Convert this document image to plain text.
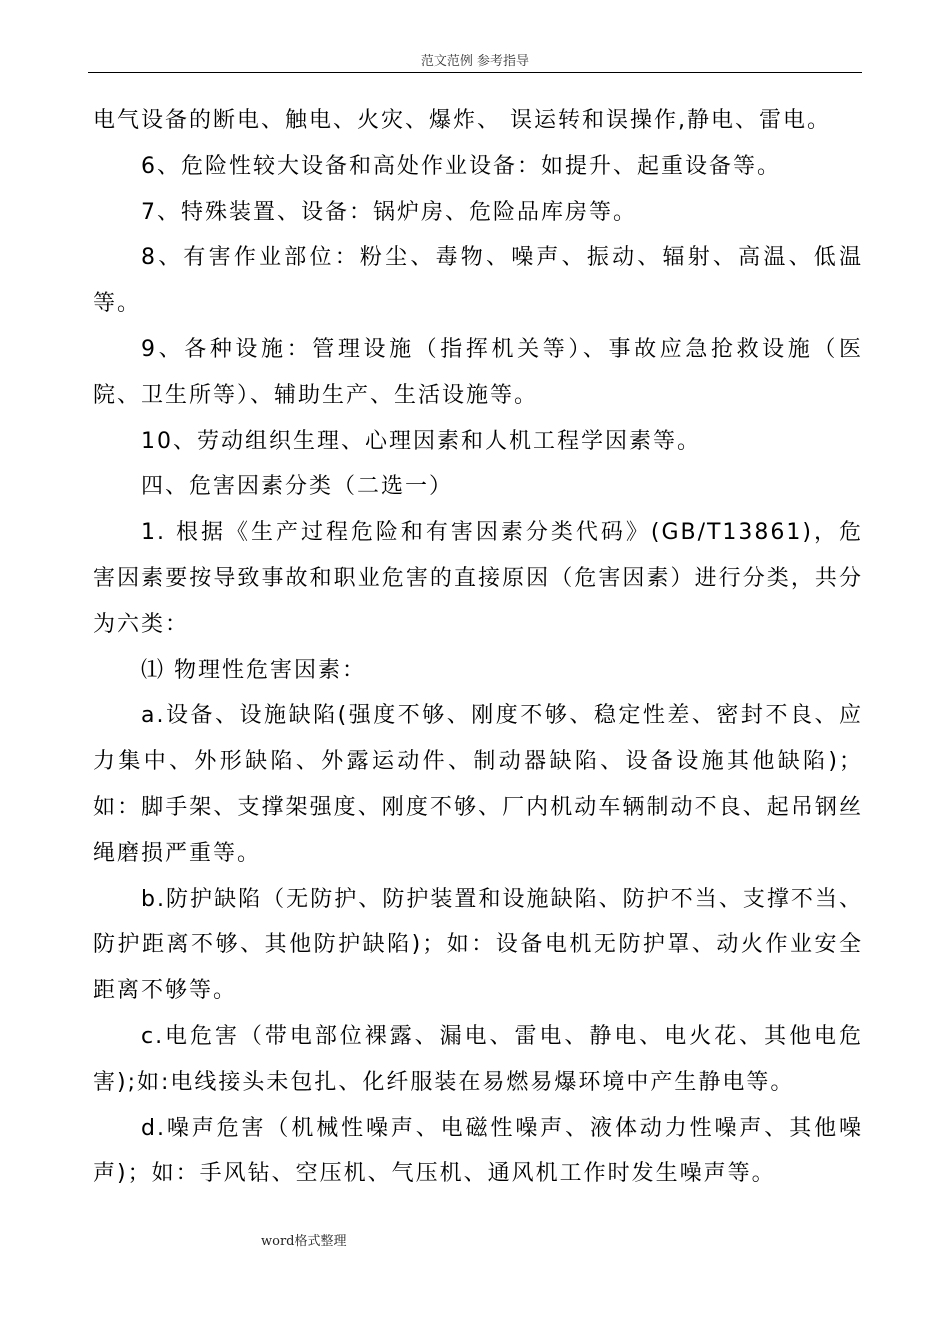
范文范例 参考指导

电气设备的断电、触电、火灾、爆炸、 误运转和误操作,静电、雷电。

6、危险性较大设备和高处作业设备：如提升、起重设备等。

7、特殊装置、设备：锅炉房、危险品库房等。

8、有害作业部位：粉尘、毒物、噪声、振动、辐射、高温、低温等。

9、各种设施：管理设施（指挥机关等）、事故应急抢救设施（医院、卫生所等）、辅助生产、生活设施等。

10、劳动组织生理、心理因素和人机工程学因素等。

四、危害因素分类（二选一）

1. 根据《生产过程危险和有害因素分类代码》(GB/T13861)，危害因素要按导致事故和职业危害的直接原因（危害因素）进行分类，共分为六类：

⑴ 物理性危害因素：

a.设备、设施缺陷(强度不够、刚度不够、稳定性差、密封不良、应力集中、外形缺陷、外露运动件、制动器缺陷、设备设施其他缺陷)；如：脚手架、支撑架强度、刚度不够、厂内机动车辆制动不良、起吊钢丝绳磨损严重等。

b.防护缺陷（无防护、防护装置和设施缺陷、防护不当、支撑不当、防护距离不够、其他防护缺陷)；如：设备电机无防护罩、动火作业安全距离不够等。

c.电危害（带电部位裸露、漏电、雷电、静电、电火花、其他电危害);如:电线接头未包扎、化纤服装在易燃易爆环境中产生静电等。

d.噪声危害（机械性噪声、电磁性噪声、液体动力性噪声、其他噪声)；如：手风钻、空压机、气压机、通风机工作时发生噪声等。

word格式整理
